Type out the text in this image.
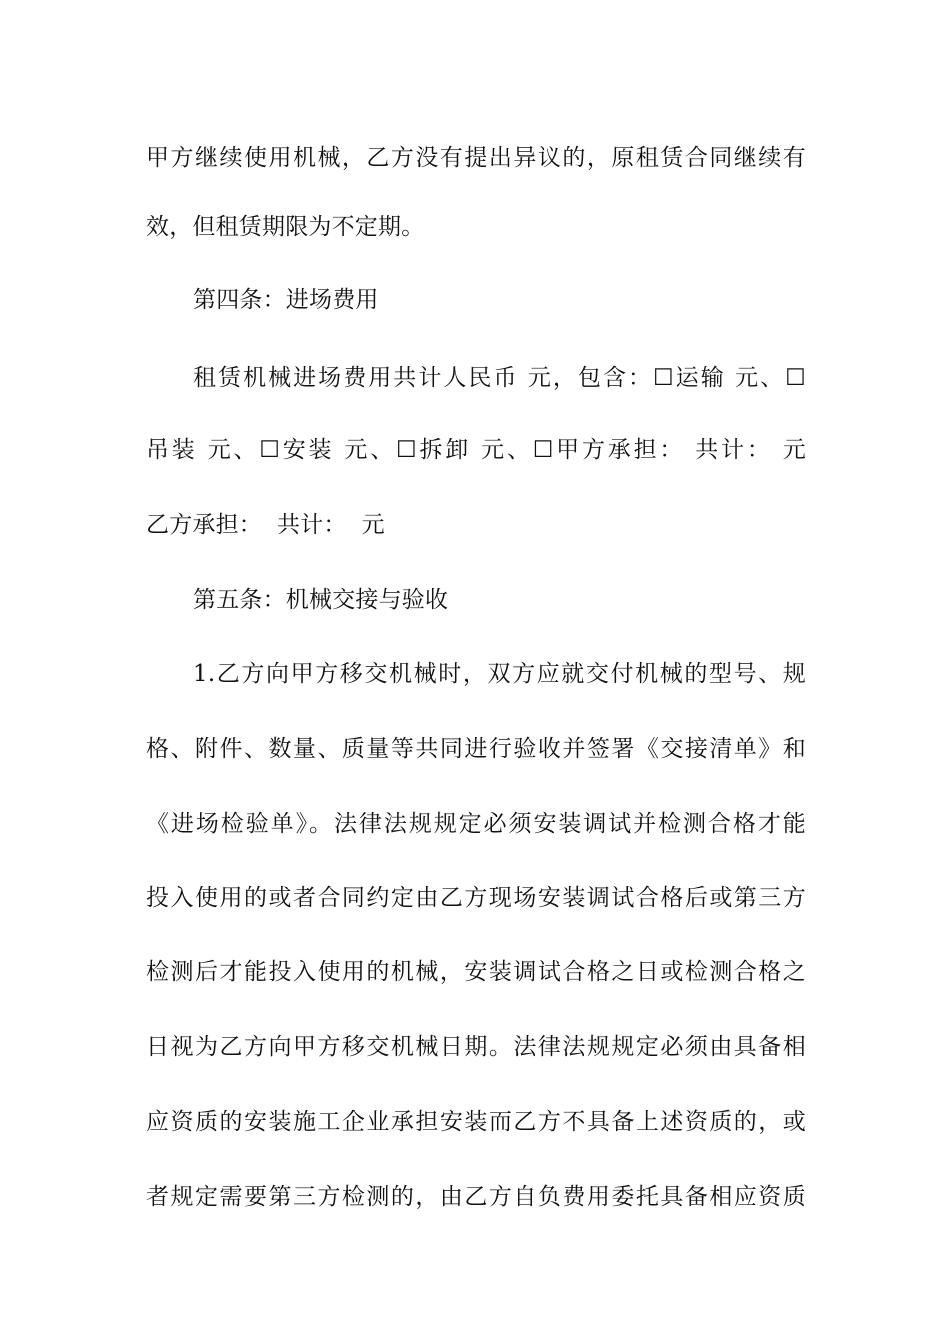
甲方继续使用机械，乙方没有提出异议的，原租赁合同继续有
效，但租赁期限为不定期。
第四条：进场费用
租赁机械进场费用共计人民币 元，包含：☐运输 元、☐
吊装 元、☐安装 元、☐拆卸 元、☐甲方承担： 共计： 元
乙方承担：  共计：  元
第五条：机械交接与验收
1.乙方向甲方移交机械时，双方应就交付机械的型号、规
格、附件、数量、质量等共同进行验收并签署《交接清单》和
《进场检验单》。法律法规规定必须安装调试并检测合格才能
投入使用的或者合同约定由乙方现场安装调试合格后或第三方
检测后才能投入使用的机械，安装调试合格之日或检测合格之
日视为乙方向甲方移交机械日期。法律法规规定必须由具备相
应资质的安装施工企业承担安装而乙方不具备上述资质的，或
者规定需要第三方检测的，由乙方自负费用委托具备相应资质
